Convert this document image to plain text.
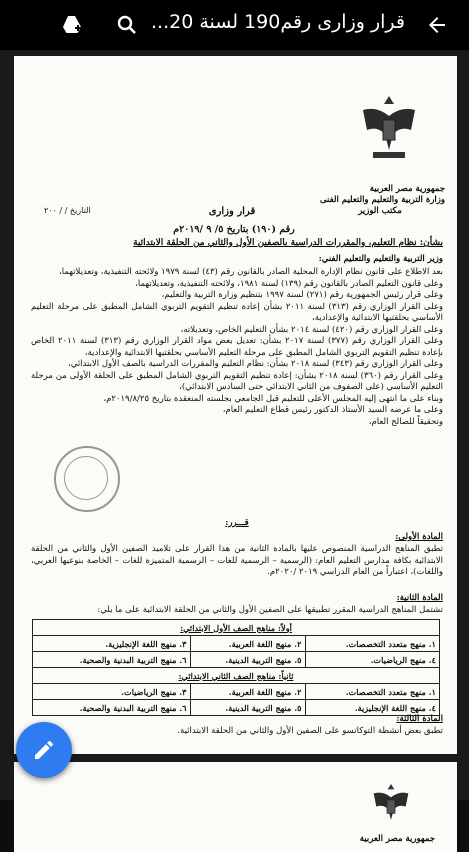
قرار وزارى رقم190 لسنة 20...
جمهورية مصر العربية
وزارة التربية والتعليم والتعليم الفنى
مكتب الوزير
التاريخ / / ٢٠٠	قرار وزارى
رقم (١٩٠) بتاريخ ٥/ ٩ /٢٠١٩م
بشأن: نظام التعليم، والمقررات الدراسية بالصفين الأول والثاني من الحلقة الابتدائية
وزير التربية والتعليم والتعليم الفني:
بعد الاطلاع على قانون نظام الإدارة المحلية الصادر بالقانون رقم (٤٣) لسنة ١٩٧٩ ولائحته التنفيذية، وتعديلاتهما،
وعلى قانون التعليم الصادر بالقانون رقم (١٣٩) لسنة ١٩٨١، ولائحته التنفيذية، وتعديلاتهما،
وعلى قرار رئيس الجمهورية رقم (٢٧١) لسنة ١٩٩٧ بتنظيم وزارة التربية والتعليم،
وعلى القرار الوزاري رقم (٣١٣) لسنة ٢٠١١ بشأن إعادة تنظيم التقويم التربوي الشامل المطبق على مرحلة التعليم الأساسي بحلقتيها الابتدائية والإعدادية،
وعلى القرار الوزاري رقم (٤٢٠) لسنة ٢٠١٤ بشأن التعليم الخاص، وتعديلاته،
وعلى القرار الوزاري رقم (٣٧٧) لسنة ٢٠١٧ بشأن: تعديل بعض مواد القرار الوزاري رقم (٣١٣) لسنة ٢٠١١ الخاص بإعادة تنظيم التقويم التربوي الشامل المطبق على مرحلة التعليم الأساسي بحلقتيها الابتدائية والإعدادية،
وعلى القرار الوزاري رقم (٣٤٣) لسنة ٢٠١٨ بشأن: نظام التعليم والمقررات الدراسية بالصف الأول الابتدائي،
وعلى القرار رقم (٣٦٠) لسنة ٢٠١٨ بشأن: إعادة تنظيم التقويم التربوي الشامل المطبق على الحلقة الأولى من مرحلة التعليم الأساسي (على الصفوف من الثاني الابتدائي حتى السادس الابتدائي)،
وبناء على ما انتهى إليه المجلس الأعلى للتعليم قبل الجامعي بجلسته المنعقدة بتاريخ ٢٠١٩/٨/٢٥م،
وعلى ما عرضه السيد الأستاذ الدكتور رئيس قطاع التعليم العام،
وتحقيقاً للصالح العام،
قـــرر:
المادة الأولى:
تطبق المناهج الدراسية المنصوص عليها بالمادة الثانية من هذا القرار على تلاميذ الصفين الأول والثاني من الحلقة الابتدائية بكافة مدارس التعليم العام: (الرسمية – الرسمية للغات – الرسمية المتميزة للغات – الخاصة بنوعيها العربي، واللغات)، اعتباراً من العام الدراسي ٢٠١٩ /٢٠٢٠م.
المادة الثانية:
تشتمل المناهج الدراسية المقرر تطبيقها على الصفين الأول والثاني من الحلقة الابتدائية على ما يلي:
أولاً: مناهج الصف الأول الابتدائي:		
١. منهج متعدد التخصصات.	٢. منهج اللغة العربية.	٣. منهج اللغة الإنجليزية.
٤. منهج الرياضيات.	٥. منهج التربية الدينية.	٦. منهج التربية البدنية والصحية.
ثانياً: مناهج الصف الثاني الابتدائي:		
١. منهج متعدد التخصصات.	٢. منهج اللغة العربية.	٣. منهج الرياضيات.
٤. منهج اللغة الإنجليزية.	٥. منهج التربية الدينية.	٦. منهج التربية البدنية والصحية.
المادة الثالثة:
تطبق بعض أنشطة التوكاتسو على الصفين الأول والثاني من الحلقة الابتدائية.
جمهورية مصر العربية
